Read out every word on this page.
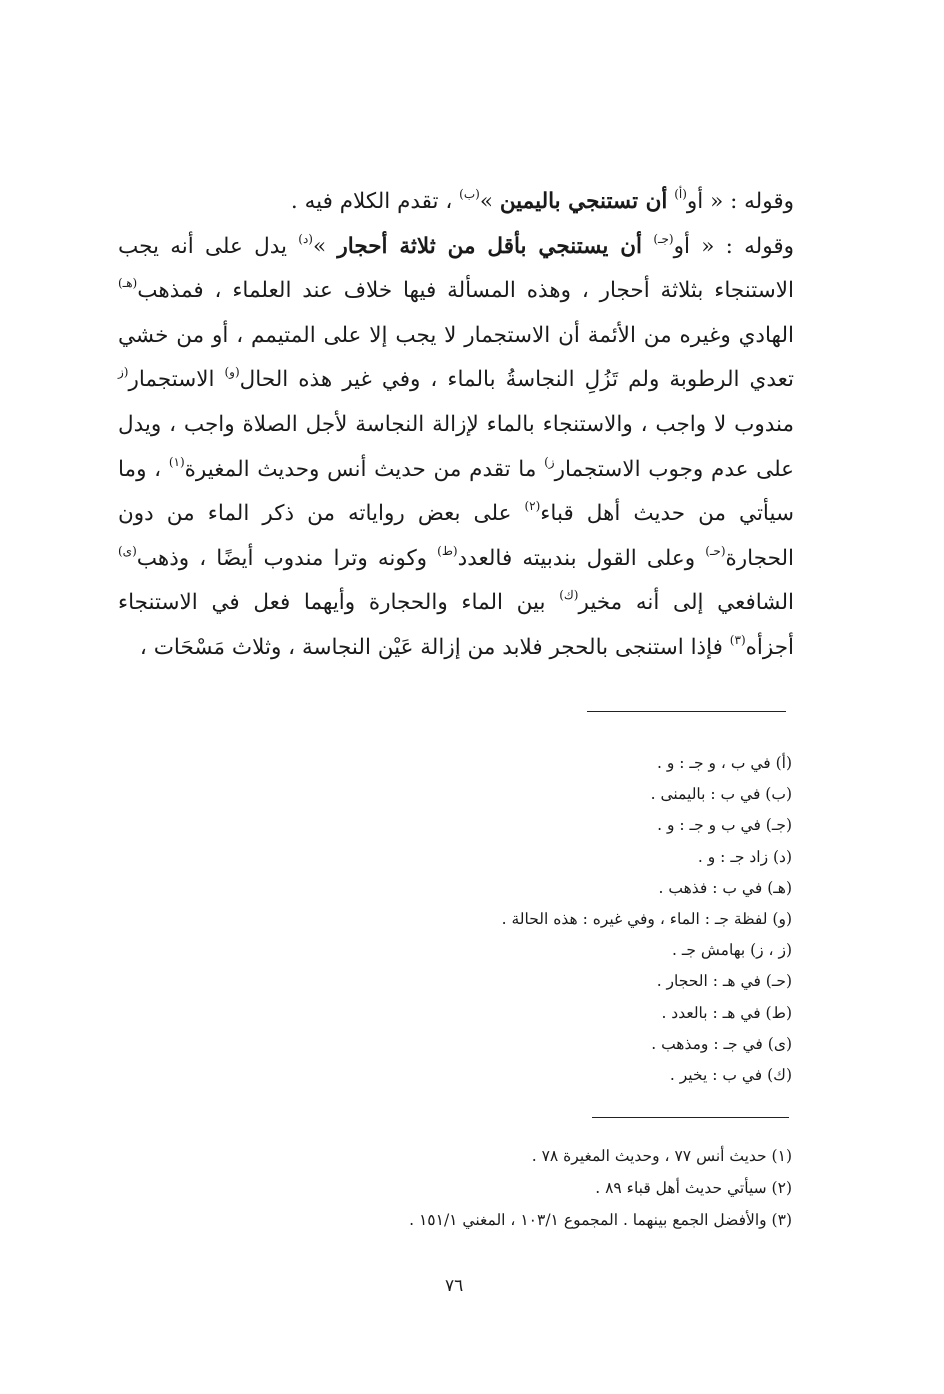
وقوله : « أو$^{(أ)}$ أن تستنجي باليمين »$^{(ب)}$ ، تقدم الكلام فيه .

وقوله : « أو$^{(جـ)}$ أن يستنجي بأقل من ثلاثة أحجار »$^{(د)}$ يدل على أنه يجب الاستنجاء بثلاثة أحجار ، وهذه المسألة فيها خلاف عند العلماء ، فمذهب$^{(هـ)}$ الهادي وغيره من الأئمة أن الاستجمار لا يجب إلا على المتيمم ، أو من خشي تعدي الرطوبة ولم تَزُلِ النجاسةُ بالماء ، وفي غير هذه الحال$^{(و)}$ الاستجمار$^{(ز}$ مندوب لا واجب ، والاستنجاء بالماء لإزالة النجاسة لأجل الصلاة واجب ، ويدل على عدم وجوب الاستجمار$^{ز)}$ ما تقدم من حديث أنس وحديث المغيرة$^{(١)}$ ، وما سيأتي من حديث أهل قباء$^{(٢)}$ على بعض رواياته من ذكر الماء من دون الحجارة$^{(حـ)}$ وعلى القول بندبيته فالعدد$^{(ط)}$ وكونه وترا مندوب أيضًا ، وذهب$^{(ى)}$ الشافعي إلى أنه مخير$^{(ك)}$ بين الماء والحجارة وأيهما فعل في الاستنجاء أجزأه$^{(٣)}$ فإذا استنجى بالحجر فلابد من إزالة عَيْن النجاسة ، وثلاث مَسْحَات ،

(أ) في ب ، و جـ : و .
(ب) في ب : باليمنى .
(جـ) في ب و جـ : و .
(د) زاد جـ : و .
(هـ) في ب : فذهب .
(و) لفظة جـ : الماء ، وفي غيره : هذه الحالة .
(ز ، ز) بهامش جـ .
(حـ) في هـ : الحجار .
(ط) في هـ : بالعدد .
(ى) في جـ : ومذهب .
(ك) في ب : يخير .
(١) حديث أنس ٧٧ ، وحديث المغيرة ٧٨ .
(٢) سيأتي حديث أهل قباء ٨٩ .
(٣) والأفضل الجمع بينهما . المجموع ١٠٣/١ ، المغني ١٥١/١ .
٧٦
